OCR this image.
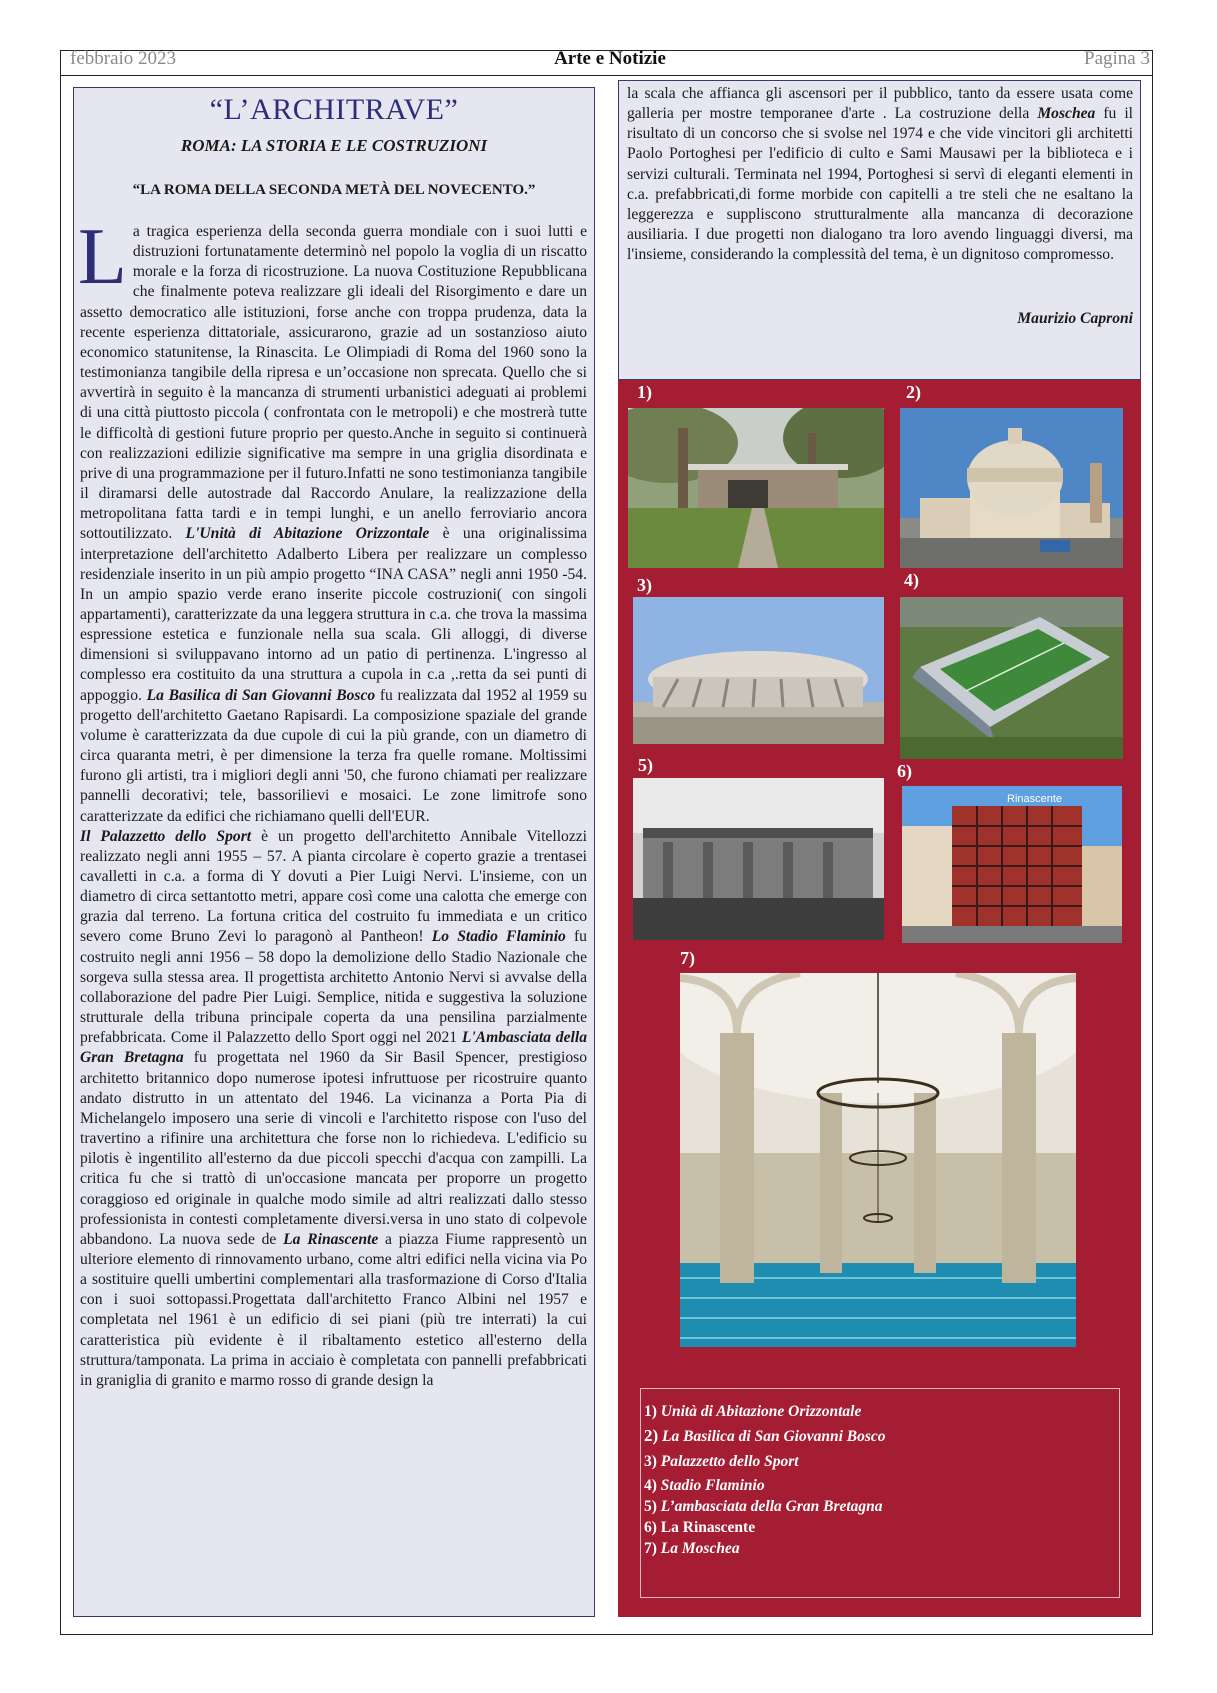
febbraio 2023	Arte e Notizie	Pagina 3
“L’ARCHITRAVE”
ROMA: LA STORIA E LE COSTRUZIONI
“LA ROMA DELLA SECONDA METÀ DEL NOVECENTO.”

La tragica esperienza della seconda guerra mondiale con i suoi lutti e distruzioni fortunatamente determinò nel popolo la voglia di un riscatto morale e la forza di ricostruzione. La nuova Costituzione Repubblicana che finalmente poteva realizzare gli ideali del Risorgimento e dare un assetto democratico alle istituzioni, forse anche con troppa prudenza, data la recente esperienza dittatoriale, assicurarono, grazie ad un sostanzioso aiuto economico statunitense, la Rinascita. Le Olimpiadi di Roma del 1960 sono la testimonianza tangibile della ripresa e un’occasione non sprecata. Quello che si avvertirà in seguito è la mancanza di strumenti urbanistici adeguati ai problemi di una città piuttosto piccola ( confrontata con le metropoli) e che mostrerà tutte le difficoltà di gestioni future proprio per questo.Anche in seguito si continuerà con realizzazioni edilizie significative ma sempre in una griglia disordinata e prive di una programmazione per il futuro.Infatti ne sono testimonianza tangibile il diramarsi delle autostrade dal Raccordo Anulare, la realizzazione della metropolitana fatta tardi e in tempi lunghi, e un anello ferroviario ancora sottoutilizzato. L'Unità di Abitazione Orizzontale è una originalissima interpretazione dell'architetto Adalberto Libera per realizzare un complesso residenziale inserito in un più ampio progetto “INA CASA” negli anni 1950 -54. In un ampio spazio verde erano inserite piccole costruzioni( con singoli appartamenti), caratterizzate da una leggera struttura in c.a. che trova la massima espressione estetica e funzionale nella sua scala. Gli alloggi, di diverse dimensioni si sviluppavano intorno ad un patio di pertinenza. L'ingresso al complesso era costituito da una struttura a cupola in c.a ,.retta da sei punti di appoggio. La Basilica di San Giovanni Bosco fu realizzata dal 1952 al 1959 su progetto dell'architetto Gaetano Rapisardi. La composizione spaziale del grande volume è caratterizzata da due cupole di cui la più grande, con un diametro di circa quaranta metri, è per dimensione la terza fra quelle romane. Moltissimi furono gli artisti, tra i migliori degli anni '50, che furono chiamati per realizzare pannelli decorativi; tele, bassorilievi e mosaici. Le zone limitrofe sono caratterizzate da edifici che richiamano quelli dell'EUR.

Il Palazzetto dello Sport è un progetto dell'architetto Annibale Vitellozzi realizzato negli anni 1955 – 57. A pianta circolare è coperto grazie a trentasei cavalletti in c.a. a forma di Y dovuti a Pier Luigi Nervi. L'insieme, con un diametro di circa settantotto metri, appare così come una calotta che emerge con grazia dal terreno. La fortuna critica del costruito fu immediata e un critico severo come Bruno Zevi lo paragonò al Pantheon! Lo Stadio Flaminio fu costruito negli anni 1956 – 58 dopo la demolizione dello Stadio Nazionale che sorgeva sulla stessa area. Il progettista architetto Antonio Nervi si avvalse della collaborazione del padre Pier Luigi. Semplice, nitida e suggestiva la soluzione strutturale della tribuna principale coperta da una pensilina parzialmente prefabbricata. Come il Palazzetto dello Sport oggi nel 2021 L'Ambasciata della Gran Bretagna fu progettata nel 1960 da Sir Basil Spencer, prestigioso architetto britannico dopo numerose ipotesi infruttuose per ricostruire quanto andato distrutto in un attentato del 1946. La vicinanza a Porta Pia di Michelangelo imposero una serie di vincoli e l'architetto rispose con l'uso del travertino a rifinire una architettura che forse non lo richiedeva. L'edificio su pilotis è ingentilito all'esterno da due piccoli specchi d'acqua con zampilli. La critica fu che si trattò di un'occasione mancata per proporre un progetto coraggioso ed originale in qualche modo simile ad altri realizzati dallo stesso professionista in contesti completamente diversi.versa in uno stato di colpevole abbandono. La nuova sede de La Rinascente a piazza Fiume rappresentò un ulteriore elemento di rinnovamento urbano, come altri edifici nella vicina via Po a sostituire quelli umbertini complementari alla trasformazione di Corso d'Italia con i suoi sottopassi.Progettata dall'architetto Franco Albini nel 1957 e completata nel 1961 è un edificio di sei piani (più tre interrati) la cui caratteristica più evidente è il ribaltamento estetico all'esterno della struttura/tamponata. La prima in acciaio è completata con pannelli prefabbricati in graniglia di granito e marmo rosso di grande design la

la scala che affianca gli ascensori per il pubblico, tanto da essere usata come galleria per mostre temporanee d'arte . La costruzione della Moschea fu il risultato di un concorso che si svolse nel 1974 e che vide vincitori gli architetti Paolo Portoghesi per l'edificio di culto e Sami Mausawi per la biblioteca e i servizi culturali. Terminata nel 1994, Portoghesi si servì di eleganti elementi in c.a. prefabbricati,di forme morbide con capitelli a tre steli che ne esaltano la leggerezza e suppliscono strutturalmente alla mancanza di decorazione ausiliaria. I due progetti non dialogano tra loro avendo linguaggi diversi, ma l'insieme, considerando la complessità del tema, è un dignitoso compromesso.

Maurizio Caproni
1)	2)
3)	4)
5)	6)
Rinascente
7)
1) Unità di Abitazione Orizzontale
2) La Basilica di San Giovanni Bosco
3) Palazzetto dello Sport
4) Stadio Flaminio
5) L’ambasciata della Gran Bretagna
6) La Rinascente
7) La Moschea
